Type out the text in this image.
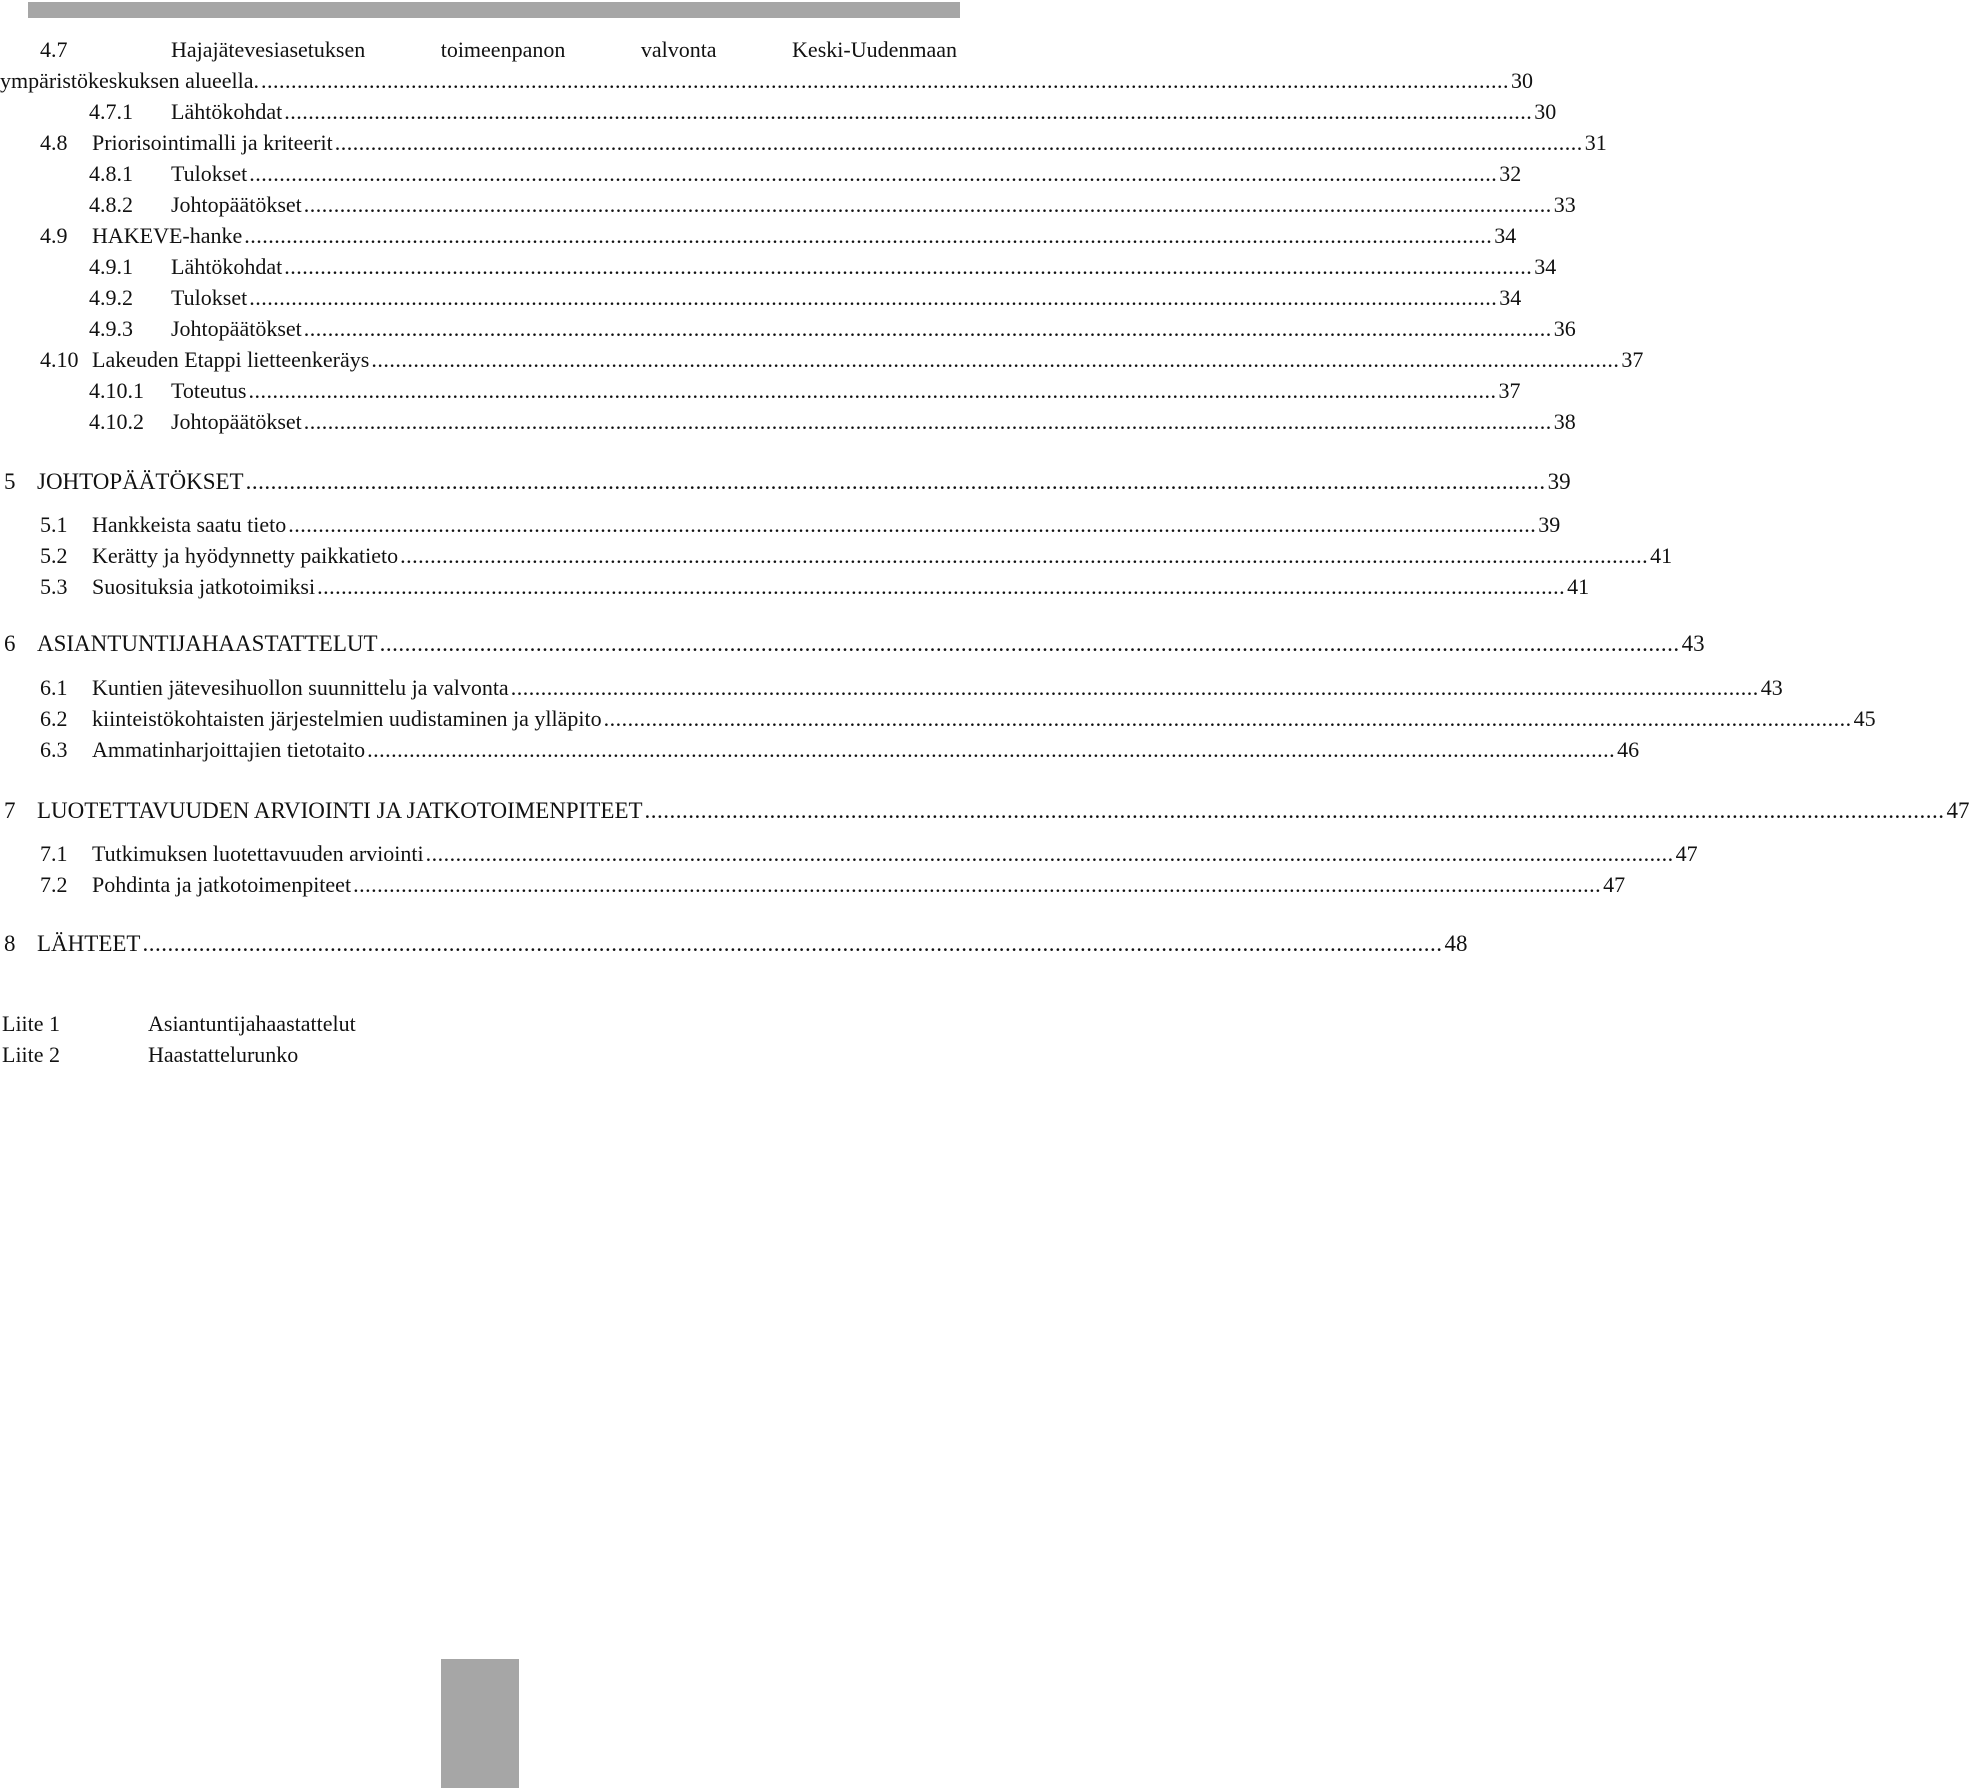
4.7	Hajajätevesiasetuksen	toimeenpanon	valvonta	Keski-Uudenmaan
ympäristökeskuksen alueella. ................................................................................................................................................................................................................ 30
4.7.1 Lähtökohdat ................................................................................................................................................................................................................ 30
4.8 Priorisointimalli ja kriteerit ................................................................................................................................................................................................................ 31
4.8.1 Tulokset ................................................................................................................................................................................................................ 32
4.8.2 Johtopäätökset ................................................................................................................................................................................................................ 33
4.9 HAKEVE-hanke ................................................................................................................................................................................................................ 34
4.9.1 Lähtökohdat ................................................................................................................................................................................................................ 34
4.9.2 Tulokset ................................................................................................................................................................................................................ 34
4.9.3 Johtopäätökset ................................................................................................................................................................................................................ 36
4.10 Lakeuden Etappi lietteenkeräys ................................................................................................................................................................................................................ 37
4.10.1 Toteutus ................................................................................................................................................................................................................ 37
4.10.2 Johtopäätökset ................................................................................................................................................................................................................ 38
5 JOHTOPÄÄTÖKSET ................................................................................................................................................................................................................ 39
5.1 Hankkeista saatu tieto ................................................................................................................................................................................................................ 39
5.2 Kerätty ja hyödynnetty paikkatieto ................................................................................................................................................................................................................ 41
5.3 Suosituksia jatkotoimiksi ................................................................................................................................................................................................................ 41
6 ASIANTUNTIJAHAASTATTELUT ................................................................................................................................................................................................................ 43
6.1 Kuntien jätevesihuollon suunnittelu ja valvonta ................................................................................................................................................................................................................ 43
6.2 kiinteistökohtaisten järjestelmien uudistaminen ja ylläpito ................................................................................................................................................................................................................ 45
6.3 Ammatinharjoittajien tietotaito ................................................................................................................................................................................................................ 46
7 LUOTETTAVUUDEN ARVIOINTI JA JATKOTOIMENPITEET ................................................................................................................................................................................................................ 47
7.1 Tutkimuksen luotettavuuden arviointi ................................................................................................................................................................................................................ 47
7.2 Pohdinta ja jatkotoimenpiteet ................................................................................................................................................................................................................ 47
8 LÄHTEET ................................................................................................................................................................................................................ 48
Liite 1	Asiantuntijahaastattelut
Liite 2	Haastattelurunko
